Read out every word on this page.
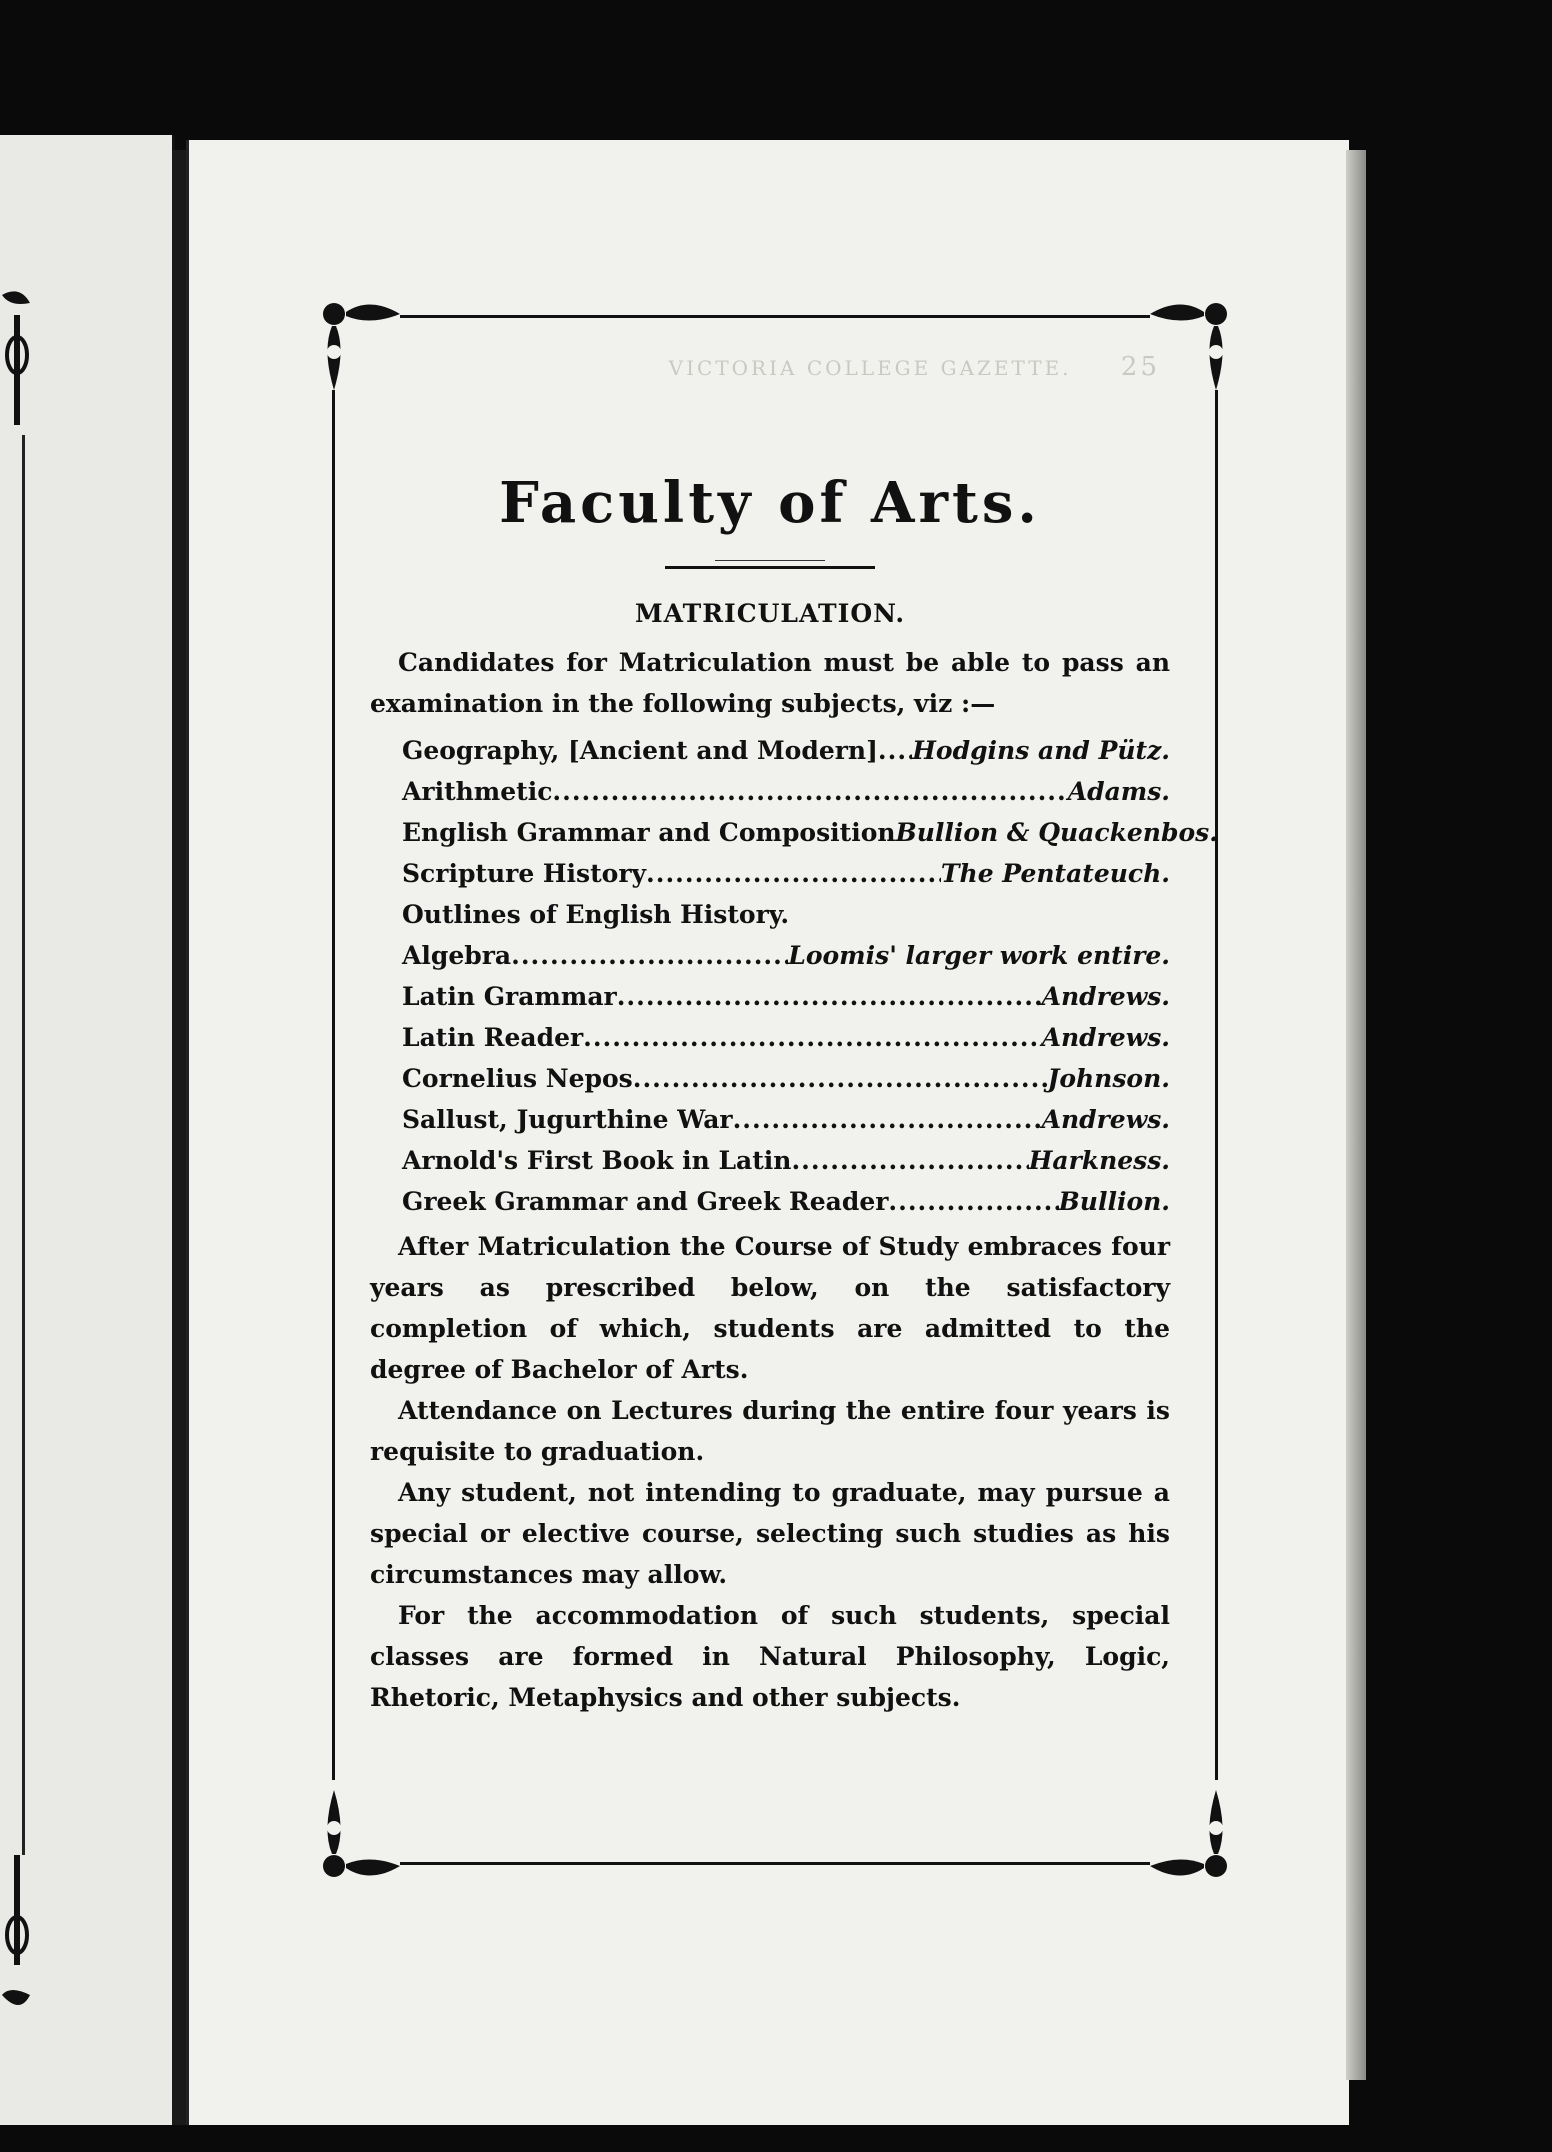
VICTORIA COLLEGE GAZETTE. 25
Faculty of Arts.
MATRICULATION.

Candidates for Matriculation must be able to pass an examination in the following subjects, viz :—

Geography, [Ancient and Modern] ..... Hodgins and Pütz.
Arithmetic .....	Adams.
English Grammar and Composition Bullion & Quackenbos.
Scripture History .....	The Pentateuch.
Outlines of English History.
Algebra .....	Loomis' larger work entire.
Latin Grammar .....	Andrews.
Latin Reader .....	Andrews.
Cornelius Nepos .....	Johnson.
Sallust, Jugurthine War .....	Andrews.
Arnold's First Book in Latin .....	Harkness.
Greek Grammar and Greek Reader .....	Bullion.

After Matriculation the Course of Study embraces four years as prescribed below, on the satisfactory completion of which, students are admitted to the degree of Bachelor of Arts.

Attendance on Lectures during the entire four years is requisite to graduation.

Any student, not intending to graduate, may pursue a special or elective course, selecting such studies as his circumstances may allow.

For the accommodation of such students, special classes are formed in Natural Philosophy, Logic, Rhetoric, Metaphysics and other subjects.
